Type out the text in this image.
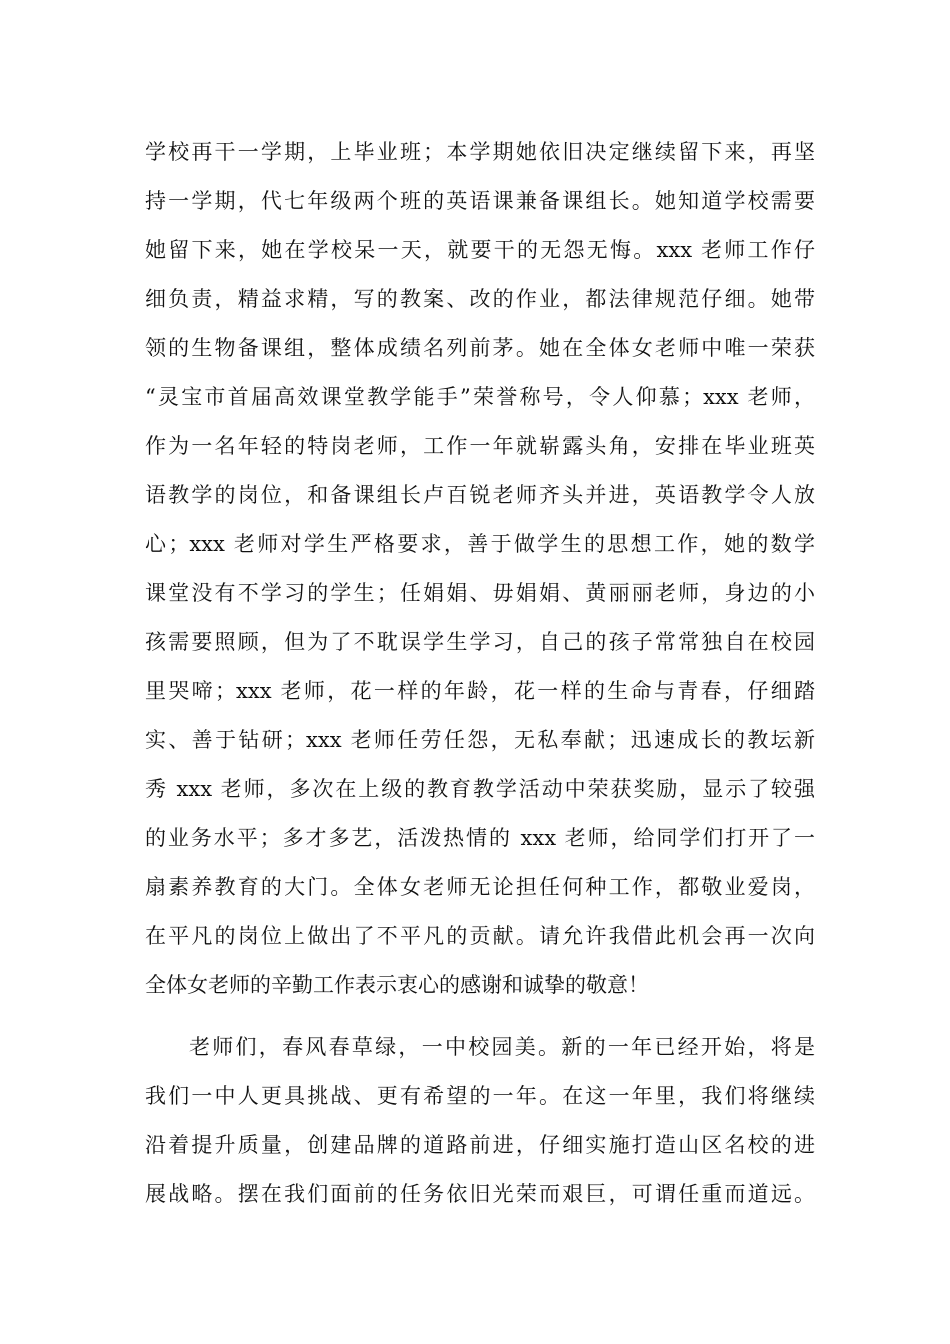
学校再干一学期，上毕业班；本学期她依旧决定继续留下来，再坚
持一学期，代七年级两个班的英语课兼备课组长。她知道学校需要
她留下来，她在学校呆一天，就要干的无怨无悔。xxx 老师工作仔
细负责，精益求精，写的教案、改的作业，都法律规范仔细。她带
领的生物备课组，整体成绩名列前茅。她在全体女老师中唯一荣获
“灵宝市首届高效课堂教学能手”荣誉称号，令人仰慕；xxx 老师，
作为一名年轻的特岗老师，工作一年就崭露头角，安排在毕业班英
语教学的岗位，和备课组长卢百锐老师齐头并进，英语教学令人放
心；xxx 老师对学生严格要求，善于做学生的思想工作，她的数学
课堂没有不学习的学生；任娟娟、毋娟娟、黄丽丽老师，身边的小
孩需要照顾，但为了不耽误学生学习，自己的孩子常常独自在校园
里哭啼；xxx 老师，花一样的年龄，花一样的生命与青春，仔细踏
实、善于钻研；xxx 老师任劳任怨，无私奉献；迅速成长的教坛新
秀 xxx 老师，多次在上级的教育教学活动中荣获奖励，显示了较强
的业务水平；多才多艺，活泼热情的 xxx 老师，给同学们打开了一
扇素养教育的大门。全体女老师无论担任何种工作，都敬业爱岗，
在平凡的岗位上做出了不平凡的贡献。请允许我借此机会再一次向
全体女老师的辛勤工作表示衷心的感谢和诚挚的敬意！
老师们，春风春草绿，一中校园美。新的一年已经开始，将是
我们一中人更具挑战、更有希望的一年。在这一年里，我们将继续
沿着提升质量，创建品牌的道路前进，仔细实施打造山区名校的进
展战略。摆在我们面前的任务依旧光荣而艰巨，可谓任重而道远。
